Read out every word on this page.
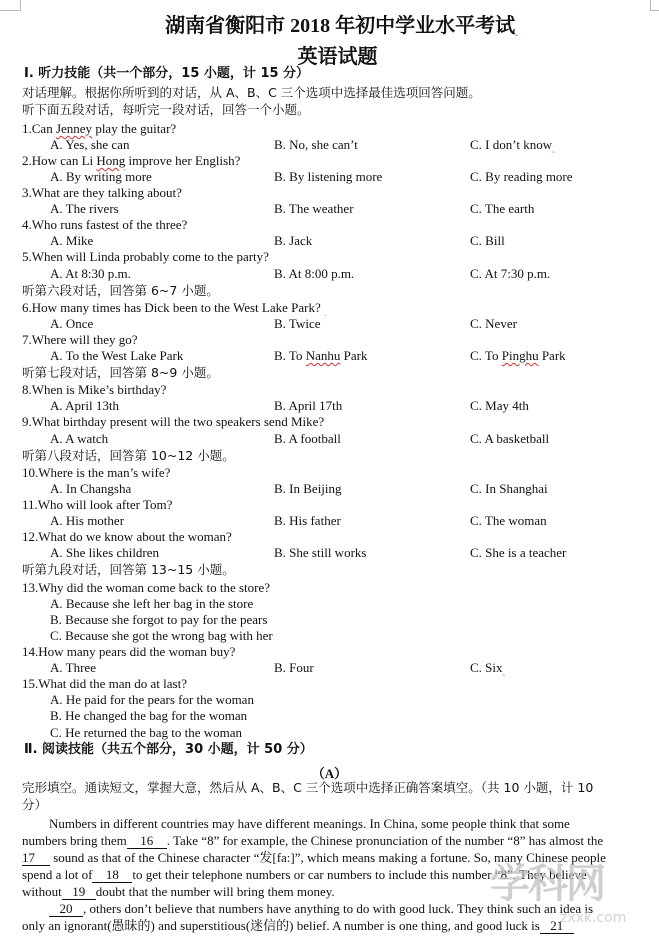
湖南省衡阳市 2018 年初中学业水平考试˷
英语试题
Ⅰ. 听力技能（共一个部分，15 小题，计 15 分）
对话理解。根据你所听到的对话，从 A、B、C 三个选项中选择最佳选项回答问题。
听下面五段对话，每听完一段对话，回答一个小题。
1.Can Jenney play the guitar?
A. Yes, she can	B. No, she can’t	C. I don’t know˷
2.How can Li Hong improve her English?
A. By writing more	B. By listening more	C. By reading more
3.What are they talking about?
A. The rivers	B. The weather	C. The earth
4.Who runs fastest of the three?
A. Mike	B. Jack	C. Bill
5.When will Linda probably come to the party?
A. At 8:30 p.m.	B. At 8:00 p.m.	C. At 7:30 p.m.
听第六段对话，回答第 6~7 小题。
6.How many times has Dick been to the West Lake Park? ˎ
A. Once	B. Twice	C. Never
7.Where will they go?
A. To the West Lake Park	B. To Nanhu Park	C. To Pinghu Park
听第七段对话，回答第 8~9 小题。
8.When is Mike’s birthday?
A. April 13th	B. April 17th	C. May 4th
9.What birthday present will the two speakers send Mike?
A. A watch	B. A football	C. A basketball
听第八段对话，回答第 10~12 小题。
10.Where is the man’s wife?
A. In Changsha	B. In Beijing	C. In Shanghai
11.Who will look after Tom?
A. His mother	B. His father	C. The woman
12.What do we know about the woman?
A. She likes children	B. She still works	C. She is a teacher
听第九段对话，回答第 13~15 小题。
13.Why did the woman come back to the store?
A. Because she left her bag in the store
B. Because she forgot to pay for the pears
C. Because she got the wrong bag with her
14.How many pears did the woman buy?
A. Three	B. Four	C. Six˷
15.What did the man do at last?
A. He paid for the pears for the woman
B. He changed the bag for the woman
C. He returned the bag to the woman
Ⅱ. 阅读技能（共五个部分，30 小题，计 50 分）
（A）
完形填空。通读短文，掌握大意，然后从 A、B、C 三个选项中选择正确答案填空。（共 10 小题，计 10
分）
Numbers in different countries may have different meanings. In China, some people think that some
numbers bring them 16 . Take “8” for example, the Chinese pronunciation of the number “8” has almost the
17 sound as that of the Chinese character “发[fa:]”, which means making a fortune. So, many Chinese people
spend a lot of 18 to get their telephone numbers or car numbers to include this number “8”. They believe
without 19 doubt that the number will bring them money.
20 , others don’t believe that numbers have anything to do with good luck. They think such an idea is
only an ignorant(愚昧的) and superstitious(迷信的) belief. A number is one thing, and good luck is 21
学科网
zxxk.com
